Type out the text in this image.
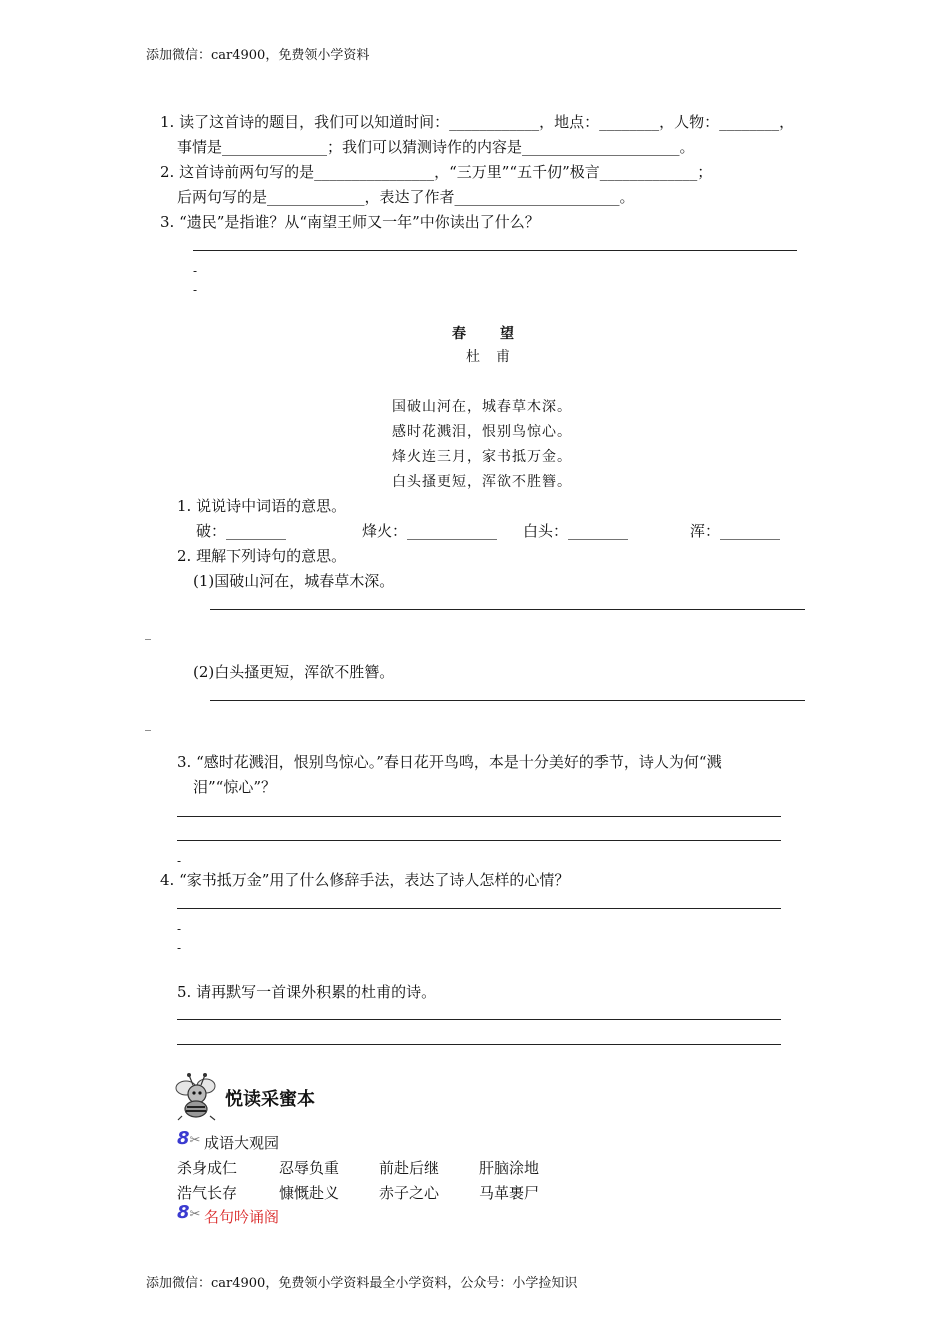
添加微信：car4900，免费领小学资料
1. 读了这首诗的题目，我们可以知道时间：____________，地点：________，人物：________，
事情是______________；我们可以猜测诗作的内容是_____________________。
2. 这首诗前两句写的是________________，“三万里”“五千仞”极言_____________；
后两句写的是_____________，表达了作者______________________。
3. “遗民”是指谁？从“南望王师又一年”中你读出了什么？
-
-
春　　望
杜　甫
国破山河在，城春草木深。
感时花溅泪，恨别鸟惊心。
烽火连三月，家书抵万金。
白头搔更短，浑欲不胜簪。
1. 说说诗中词语的意思。
破：________	烽火：____________ 白头：________	浑：________
2. 理解下列诗句的意思。
(1)国破山河在，城春草木深。
_
(2)白头搔更短，浑欲不胜簪。
_
3. “感时花溅泪，恨别鸟惊心。”春日花开鸟鸣，本是十分美好的季节，诗人为何“溅
泪”“惊心”？
-
4. “家书抵万金”用了什么修辞手法，表达了诗人怎样的心情？
-
-
5. 请再默写一首课外积累的杜甫的诗。
悦读采蜜本
8✂ 成语大观园
杀身成仁	忍辱负重	前赴后继	肝脑涂地
浩气长存	慷慨赴义	赤子之心	马革裹尸
8✂ 名句吟诵阁
添加微信：car4900，免费领小学资料最全小学资料，公众号：小学捡知识
